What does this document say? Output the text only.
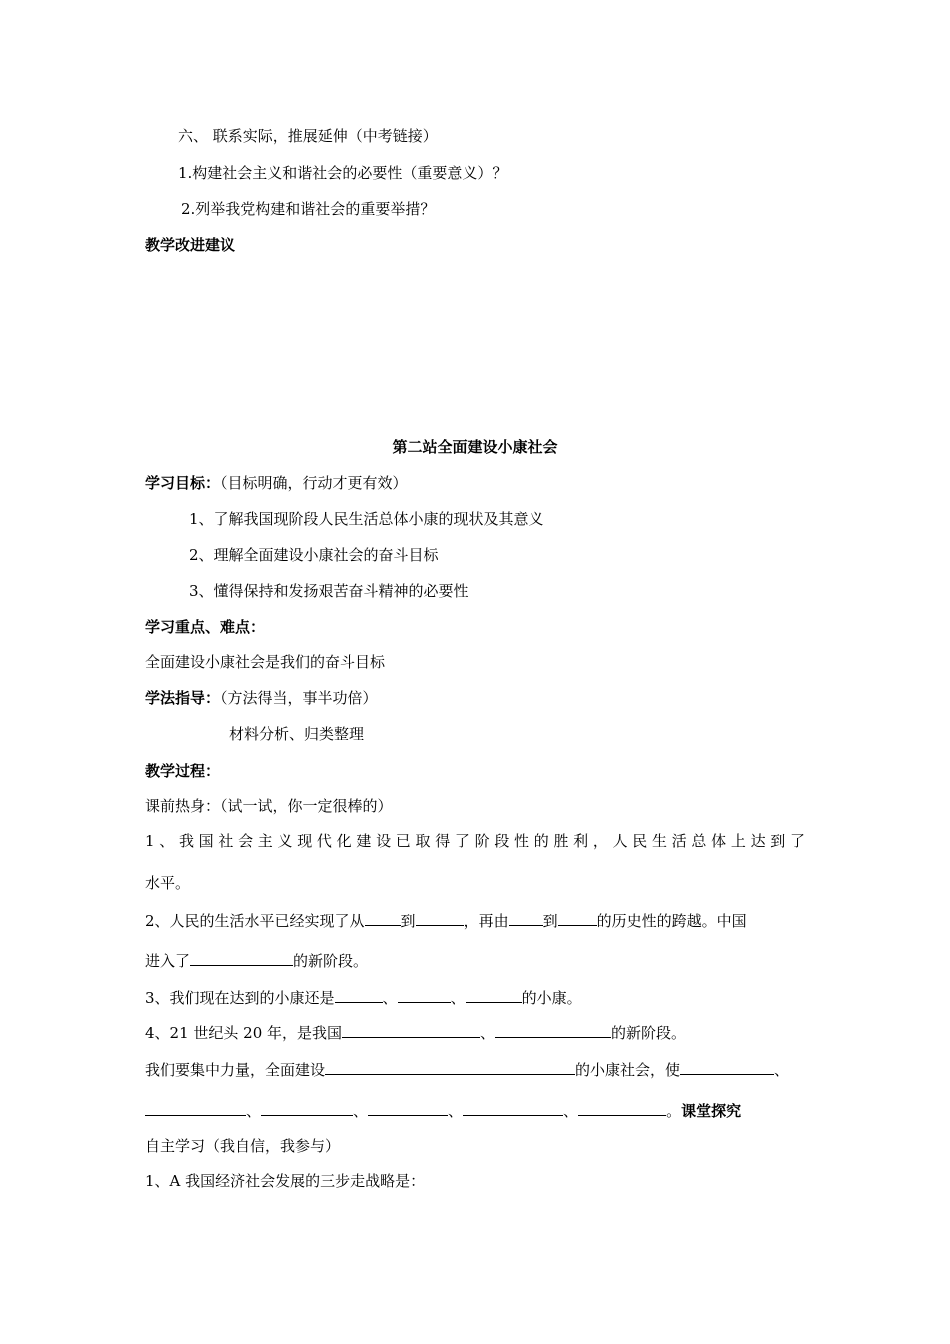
六、 联系实际，推展延伸（中考链接）
1.构建社会主义和谐社会的必要性（重要意义）？
2.列举我党构建和谐社会的重要举措？
教学改进建议
第二站全面建设小康社会
学习目标：（目标明确，行动才更有效）
1、了解我国现阶段人民生活总体小康的现状及其意义
2、理解全面建设小康社会的奋斗目标
3、懂得保持和发扬艰苦奋斗精神的必要性
学习重点、难点：
全面建设小康社会是我们的奋斗目标
学法指导：（方法得当，事半功倍）
材料分析、归类整理
教学过程：
课前热身：（试一试，你一定很棒的）
1、我国社会主义现代化建设已取得了阶段性的胜利，人民生活总体上达到了
水平。
2、人民的生活水平已经实现了从 到	，再由 到	的历史性的跨越。中国
进入了	的新阶段。
3、我们现在达到的小康还是	、	、	的小康。
4、21 世纪头 20 年，是我国	、	的新阶段。
我们要集中力量，全面建设	的小康社会，使	、
、	、	、	、	。课堂探究
自主学习（我自信，我参与）
1、A 我国经济社会发展的三步走战略是：
